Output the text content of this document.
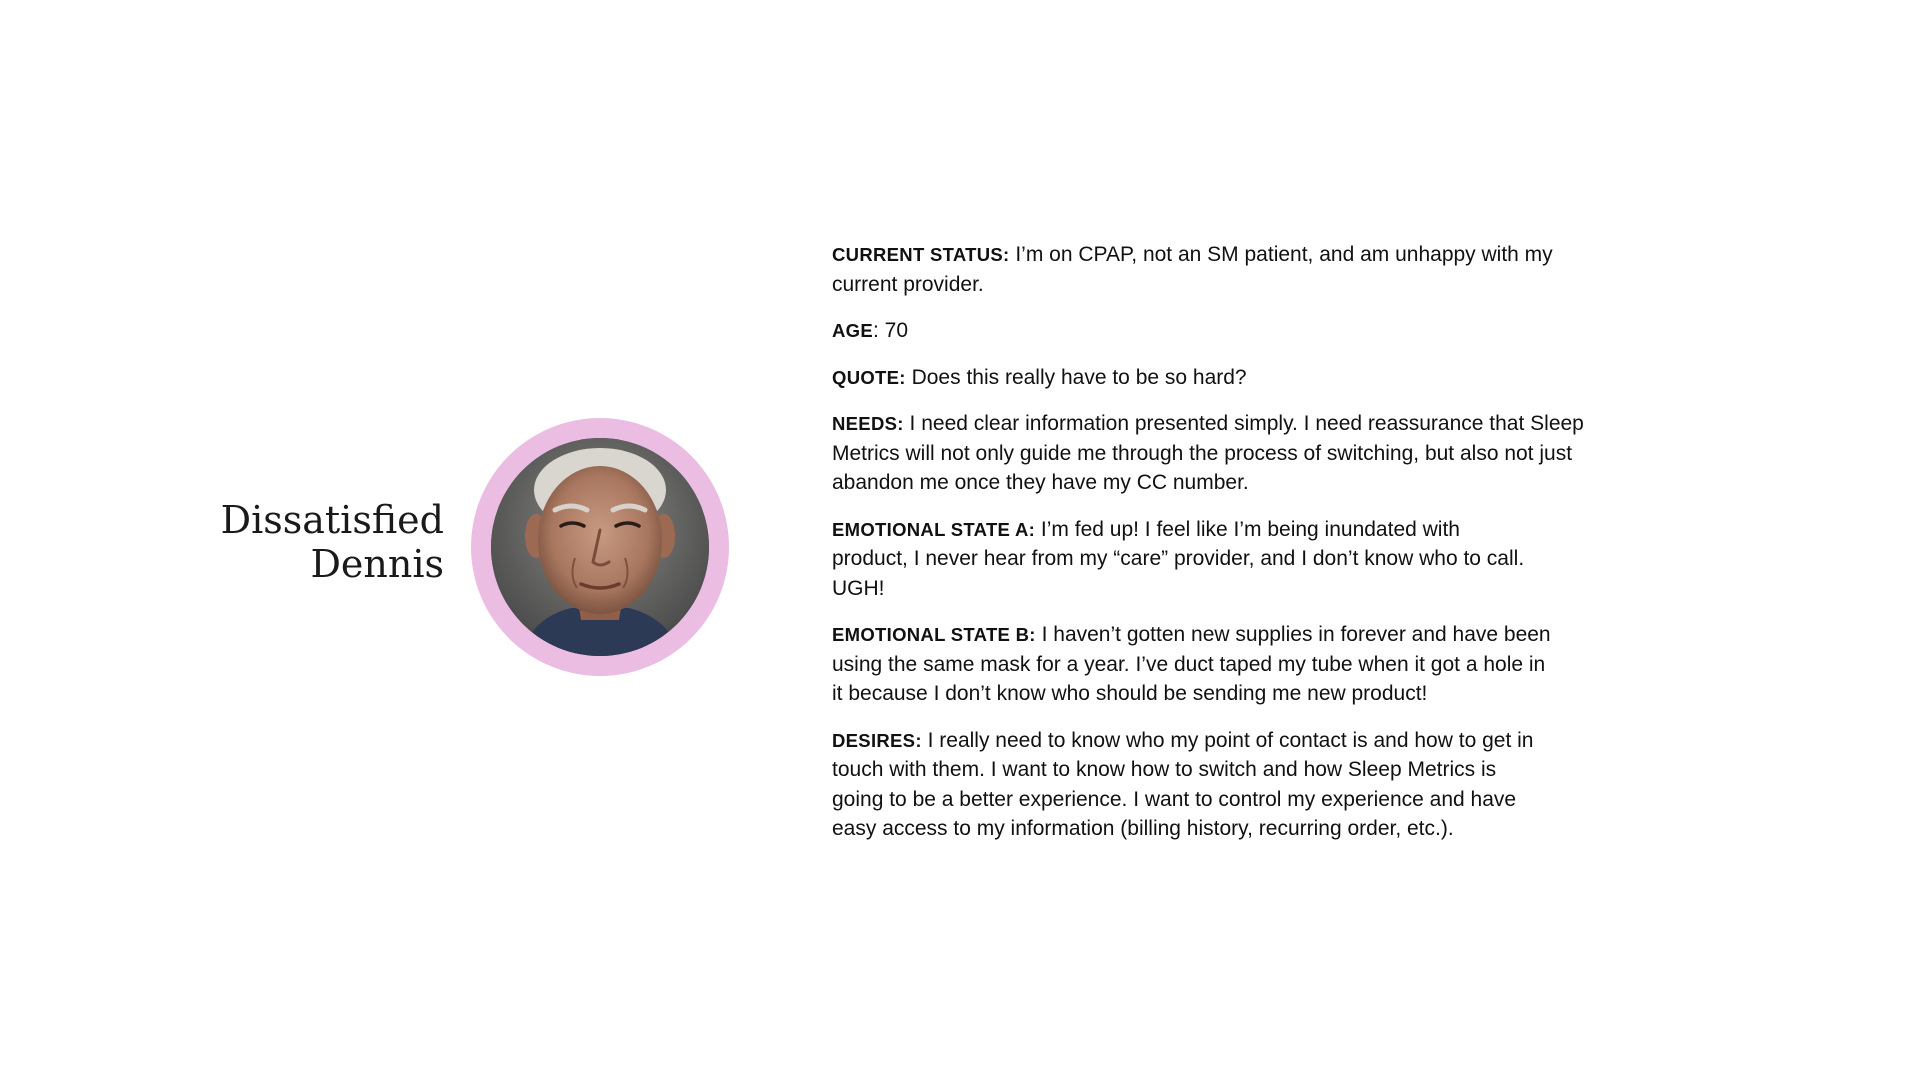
Dissatisfied
Dennis

CURRENT STATUS: I’m on CPAP, not an SM patient, and am unhappy with my current provider.

AGE: 70

QUOTE: Does this really have to be so hard?

NEEDS: I need clear information presented simply. I need reassurance that Sleep Metrics will not only guide me through the process of switching, but also not just abandon me once they have my CC number.

EMOTIONAL STATE A: I’m fed up! I feel like I’m being inundated with product, I never hear from my “care” provider, and I don’t know who to call. UGH!

EMOTIONAL STATE B: I haven’t gotten new supplies in forever and have been using the same mask for a year. I’ve duct taped my tube when it got a hole in it because I don’t know who should be sending me new product!

DESIRES: I really need to know who my point of contact is and how to get in touch with them. I want to know how to switch and how Sleep Metrics is going to be a better experience. I want to control my experience and have easy access to my information (billing history, recurring order, etc.).
